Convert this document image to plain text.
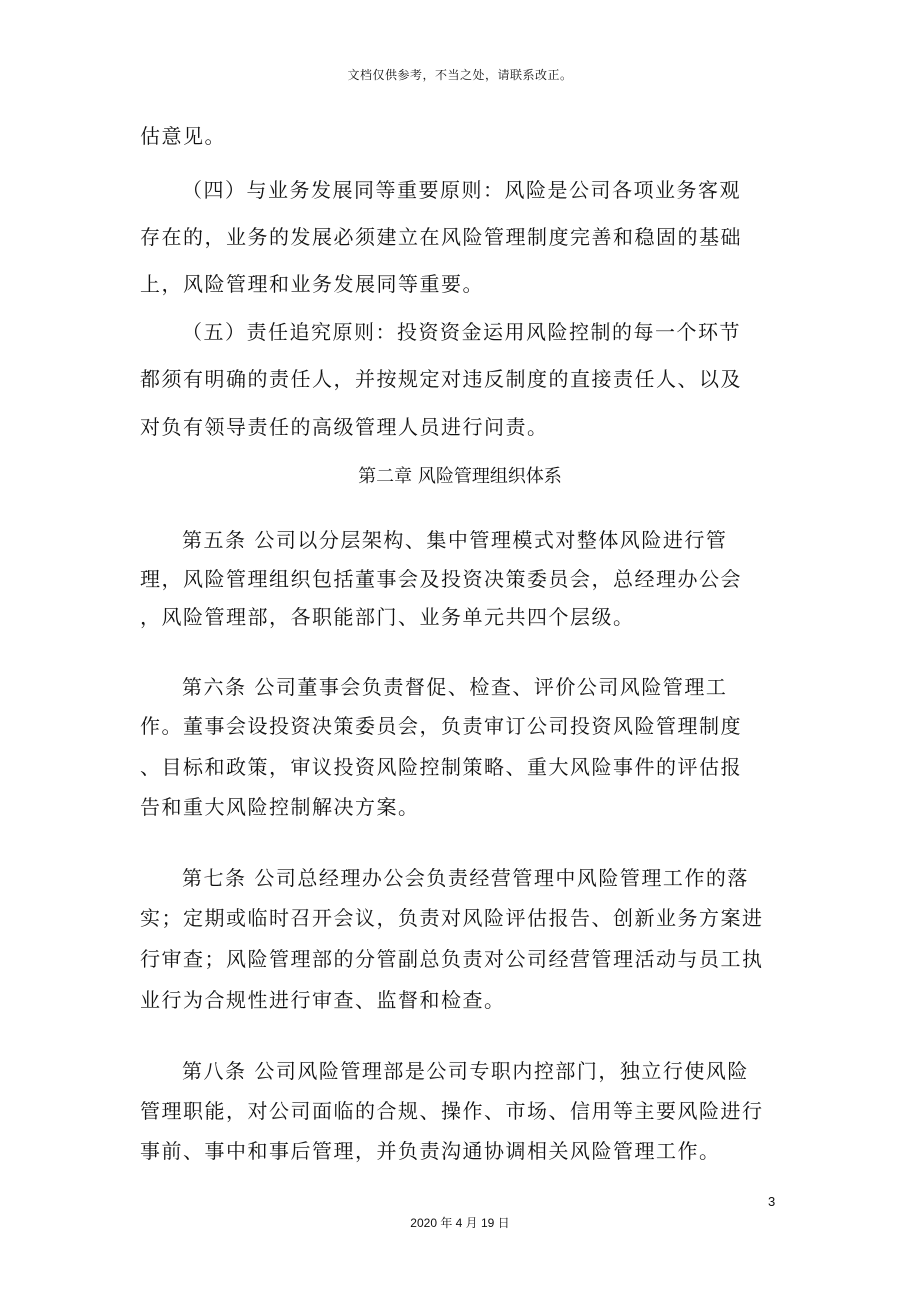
文档仅供参考，不当之处，请联系改正。
估意见。
（四）与业务发展同等重要原则：风险是公司各项业务客观
存在的，业务的发展必须建立在风险管理制度完善和稳固的基础
上，风险管理和业务发展同等重要。
（五）责任追究原则：投资资金运用风险控制的每一个环节
都须有明确的责任人，并按规定对违反制度的直接责任人、以及
对负有领导责任的高级管理人员进行问责。
第二章 风险管理组织体系
第五条 公司以分层架构、集中管理模式对整体风险进行管
理，风险管理组织包括董事会及投资决策委员会，总经理办公会
，风险管理部，各职能部门、业务单元共四个层级。
第六条 公司董事会负责督促、检查、评价公司风险管理工
作。董事会设投资决策委员会，负责审订公司投资风险管理制度
、目标和政策，审议投资风险控制策略、重大风险事件的评估报
告和重大风险控制解决方案。
第七条 公司总经理办公会负责经营管理中风险管理工作的落
实；定期或临时召开会议，负责对风险评估报告、创新业务方案进
行审查；风险管理部的分管副总负责对公司经营管理活动与员工执
业行为合规性进行审查、监督和检查。
第八条 公司风险管理部是公司专职内控部门，独立行使风险
管理职能，对公司面临的合规、操作、市场、信用等主要风险进行
事前、事中和事后管理，并负责沟通协调相关风险管理工作。
3
2020 年 4 月 19 日
